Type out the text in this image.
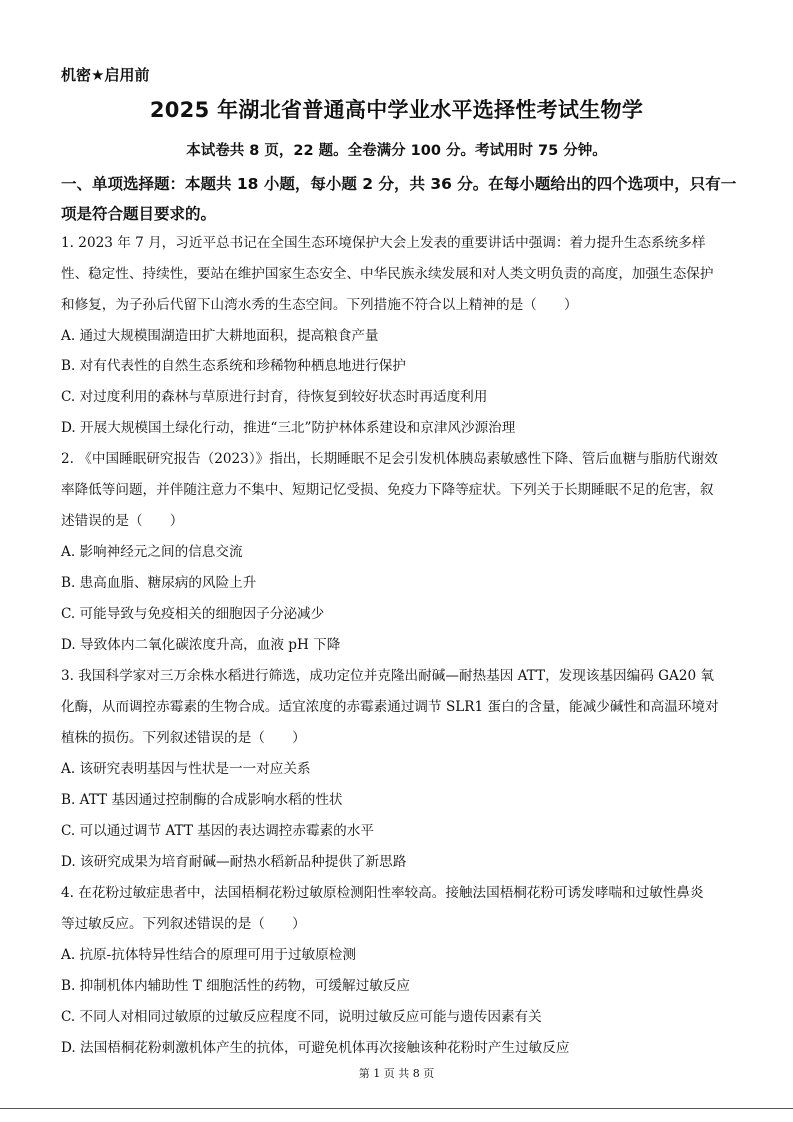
机密★启用前
2025 年湖北省普通高中学业水平选择性考试生物学
本试卷共 8 页，22 题。全卷满分 100 分。考试用时 75 分钟。
一、单项选择题：本题共 18 小题，每小题 2 分，共 36 分。在每小题给出的四个选项中，只有一
项是符合题目要求的。
1. 2023 年 7 月，习近平总书记在全国生态环境保护大会上发表的重要讲话中强调：着力提升生态系统多样
性、稳定性、持续性，要站在维护国家生态安全、中华民族永续发展和对人类文明负责的高度，加强生态保护
和修复，为子孙后代留下山湾水秀的生态空间。下列措施不符合以上精神的是（　　）
A. 通过大规模围湖造田扩大耕地面积，提高粮食产量
B. 对有代表性的自然生态系统和珍稀物种栖息地进行保护
C. 对过度利用的森林与草原进行封育，待恢复到较好状态时再适度利用
D. 开展大规模国土绿化行动，推进“三北”防护林体系建设和京津风沙源治理
2. 《中国睡眠研究报告（2023）》指出，长期睡眠不足会引发机体胰岛素敏感性下降、管后血糖与脂肪代谢效
率降低等问题，并伴随注意力不集中、短期记忆受损、免疫力下降等症状。下列关于长期睡眠不足的危害，叙
述错误的是（　　）
A. 影响神经元之间的信息交流
B. 患高血脂、糖尿病的风险上升
C. 可能导致与免疫相关的细胞因子分泌减少
D. 导致体内二氧化碳浓度升高，血液 pH 下降
3. 我国科学家对三万余株水稻进行筛选，成功定位并克隆出耐碱—耐热基因 ATT，发现该基因编码 GA20 氧
化酶，从而调控赤霉素的生物合成。适宜浓度的赤霉素通过调节 SLR1 蛋白的含量，能减少碱性和高温环境对
植株的损伤。下列叙述错误的是（　　）
A. 该研究表明基因与性状是一一对应关系
B. ATT 基因通过控制酶的合成影响水稻的性状
C. 可以通过调节 ATT 基因的表达调控赤霉素的水平
D. 该研究成果为培育耐碱—耐热水稻新品种提供了新思路
4. 在花粉过敏症患者中，法国梧桐花粉过敏原检测阳性率较高。接触法国梧桐花粉可诱发哮喘和过敏性鼻炎
等过敏反应。下列叙述错误的是（　　）
A. 抗原-抗体特异性结合的原理可用于过敏原检测
B. 抑制机体内辅助性 T 细胞活性的药物，可缓解过敏反应
C. 不同人对相同过敏原的过敏反应程度不同，说明过敏反应可能与遗传因素有关
D. 法国梧桐花粉刺激机体产生的抗体，可避免机体再次接触该种花粉时产生过敏反应
第 1 页 共 8 页
